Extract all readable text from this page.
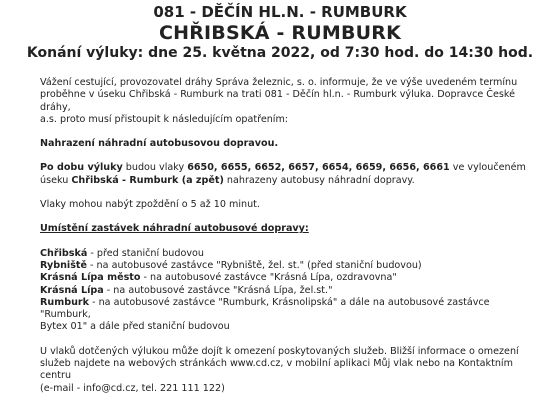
081 - DĚČÍN HL.N. - RUMBURK
CHŘIBSKÁ - RUMBURK
Konání výluky: dne 25. května 2022, od 7:30 hod. do 14:30 hod.

Vážení cestující, provozovatel dráhy Správa železnic, s. o. informuje, že ve výše uvedeném termínu
proběhne v úseku Chřibská - Rumburk na trati 081 - Děčín hl.n. - Rumburk výluka. Dopravce České dráhy,
a.s. proto musí přistoupit k následujícím opatřením:

Nahrazení náhradní autobusovou dopravou.

Po dobu výluky budou vlaky 6650, 6655, 6652, 6657, 6654, 6659, 6656, 6661 ve vyloučeném
úseku Chřibská - Rumburk (a zpět) nahrazeny autobusy náhradní dopravy.

Vlaky mohou nabýt zpoždění o 5 až 10 minut.

Umístění zastávek náhradní autobusové dopravy:

Chřibská - před staniční budovou

Rybniště - na autobusové zastávce "Rybniště, žel. st." (před staniční budovou)

Krásná Lípa město - na autobusové zastávce "Krásná Lípa, ozdravovna"

Krásná Lípa - na autobusové zastávce "Krásná Lípa, žel.st."

Rumburk - na autobusové zastávce "Rumburk, Krásnolipská" a dále na autobusové zastávce "Rumburk,
Bytex 01" a dále před staniční budovou

U vlaků dotčených výlukou může dojít k omezení poskytovaných služeb. Bližší informace o omezení
služeb najdete na webových stránkách www.cd.cz, v mobilní aplikaci Můj vlak nebo na Kontaktním centru
(e-mail - info@cd.cz, tel. 221 111 122)
